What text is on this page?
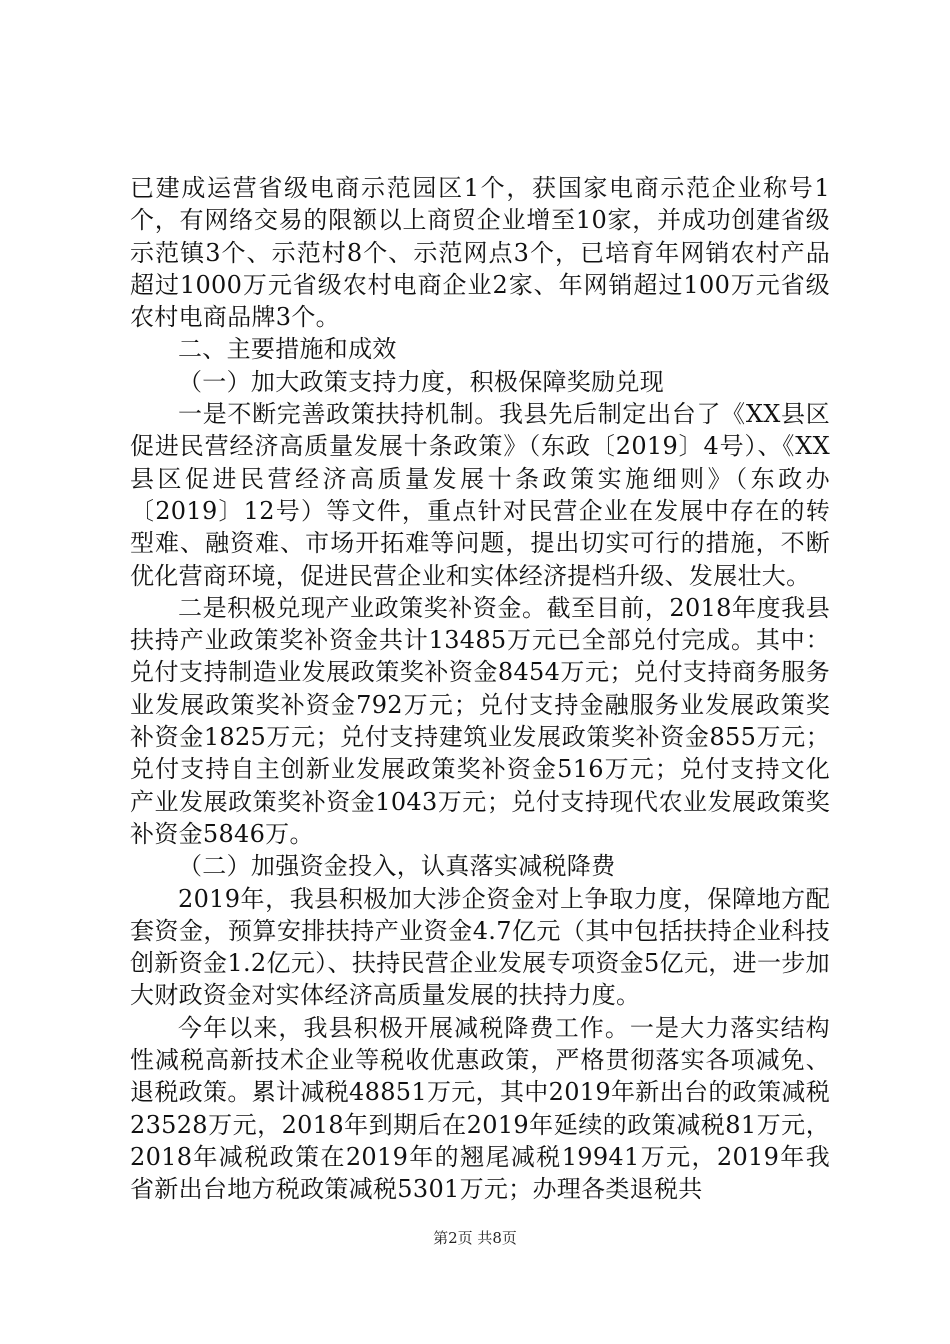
已建成运营省级电商示范园区1个，获国家电商示范企业称号1个，有网络交易的限额以上商贸企业增至10家，并成功创建省级示范镇3个、示范村8个、示范网点3个，已培育年网销农村产品超过1000万元省级农村电商企业2家、年网销超过100万元省级农村电商品牌3个。

二、主要措施和成效

（一）加大政策支持力度，积极保障奖励兑现

一是不断完善政策扶持机制。我县先后制定出台了《XX县区促进民营经济高质量发展十条政策》（东政〔2019〕4号）、《XX县区促进民营经济高质量发展十条政策实施细则》（东政办〔2019〕12号）等文件，重点针对民营企业在发展中存在的转型难、融资难、市场开拓难等问题，提出切实可行的措施，不断优化营商环境，促进民营企业和实体经济提档升级、发展壮大。

二是积极兑现产业政策奖补资金。截至目前，2018年度我县扶持产业政策奖补资金共计13485万元已全部兑付完成。其中：兑付支持制造业发展政策奖补资金8454万元；兑付支持商务服务业发展政策奖补资金792万元；兑付支持金融服务业发展政策奖补资金1825万元；兑付支持建筑业发展政策奖补资金855万元；兑付支持自主创新业发展政策奖补资金516万元；兑付支持文化产业发展政策奖补资金1043万元；兑付支持现代农业发展政策奖补资金5846万。

（二）加强资金投入，认真落实减税降费

2019年，我县积极加大涉企资金对上争取力度，保障地方配套资金，预算安排扶持产业资金4.7亿元（其中包括扶持企业科技创新资金1.2亿元）、扶持民营企业发展专项资金5亿元，进一步加大财政资金对实体经济高质量发展的扶持力度。

今年以来，我县积极开展减税降费工作。一是大力落实结构性减税高新技术企业等税收优惠政策，严格贯彻落实各项减免、退税政策。累计减税48851万元，其中2019年新出台的政策减税23528万元，2018年到期后在2019年延续的政策减税81万元，2018年减税政策在2019年的翘尾减税19941万元，2019年我省新出台地方税政策减税5301万元；办理各类退税共

第2页 共8页
